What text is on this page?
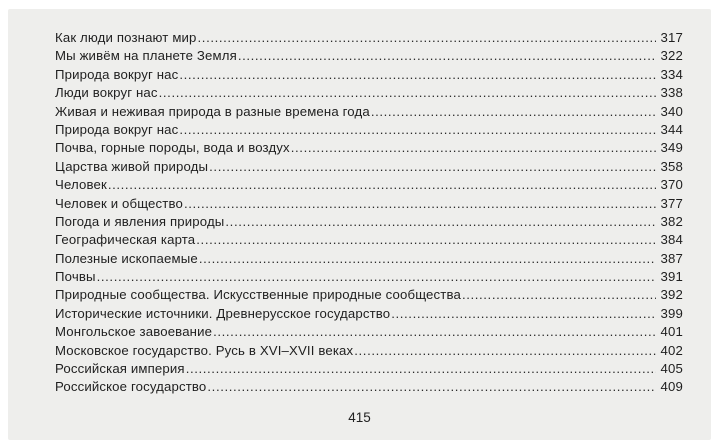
Как люди познают мир .....	317
Мы живём на планете Земля .....	322
Природа вокруг нас .....	334
Люди вокруг нас .....	338
Живая и неживая природа в разные времена года .....	340
Природа вокруг нас .....	344
Почва, горные породы, вода и воздух .....	349
Царства живой природы .....	358
Человек .....	370
Человек и общество .....	377
Погода и явления природы .....	382
Географическая карта .....	384
Полезные ископаемые .....	387
Почвы .....	391
Природные сообщества. Искусственные природные сообщества .....	392
Исторические источники. Древнерусское государство .....	399
Монгольское завоевание .....	401
Московское государство. Русь в XVI–XVII веках .....	402
Российская империя .....	405
Российское государство .....	409
415
